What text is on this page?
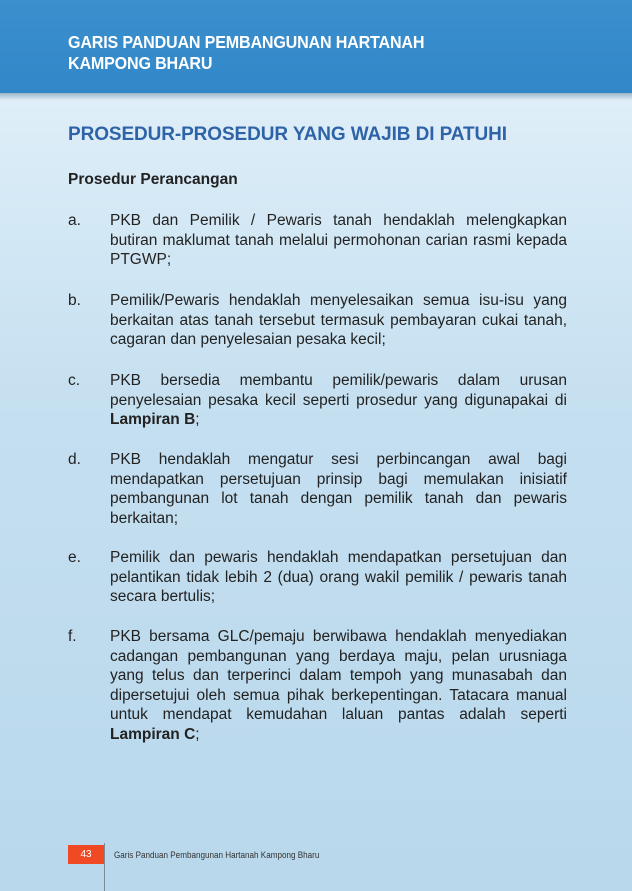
GARIS PANDUAN PEMBANGUNAN HARTANAH
KAMPONG BHARU
PROSEDUR-PROSEDUR YANG WAJIB DI PATUHI
Prosedur Perancangan
a.	PKB dan Pemilik / Pewaris tanah hendaklah melengkapkan butiran maklumat tanah melalui permohonan carian rasmi kepada PTGWP;
b.	Pemilik/Pewaris hendaklah menyelesaikan semua isu-isu yang berkaitan atas tanah tersebut termasuk pembayaran cukai tanah, cagaran dan penyelesaian pesaka kecil;
c.	PKB bersedia membantu pemilik/pewaris dalam urusan penyelesaian pesaka kecil seperti prosedur yang digunapakai di Lampiran B;
d.	PKB hendaklah mengatur sesi perbincangan awal bagi mendapatkan persetujuan prinsip bagi memulakan inisiatif pembangunan lot tanah dengan pemilik tanah dan pewaris berkaitan;
e.	Pemilik dan pewaris hendaklah mendapatkan persetujuan dan pelantikan tidak lebih 2 (dua) orang wakil pemilik / pewaris tanah secara bertulis;
f.	PKB bersama GLC/pemaju berwibawa hendaklah menyediakan cadangan pembangunan yang berdaya maju, pelan urusniaga yang telus dan terperinci dalam tempoh yang munasabah dan dipersetujui oleh semua pihak berkepentingan. Tatacara manual untuk mendapat kemudahan laluan pantas adalah seperti Lampiran C;
43	Garis Panduan Pembangunan Hartanah Kampong Bharu
